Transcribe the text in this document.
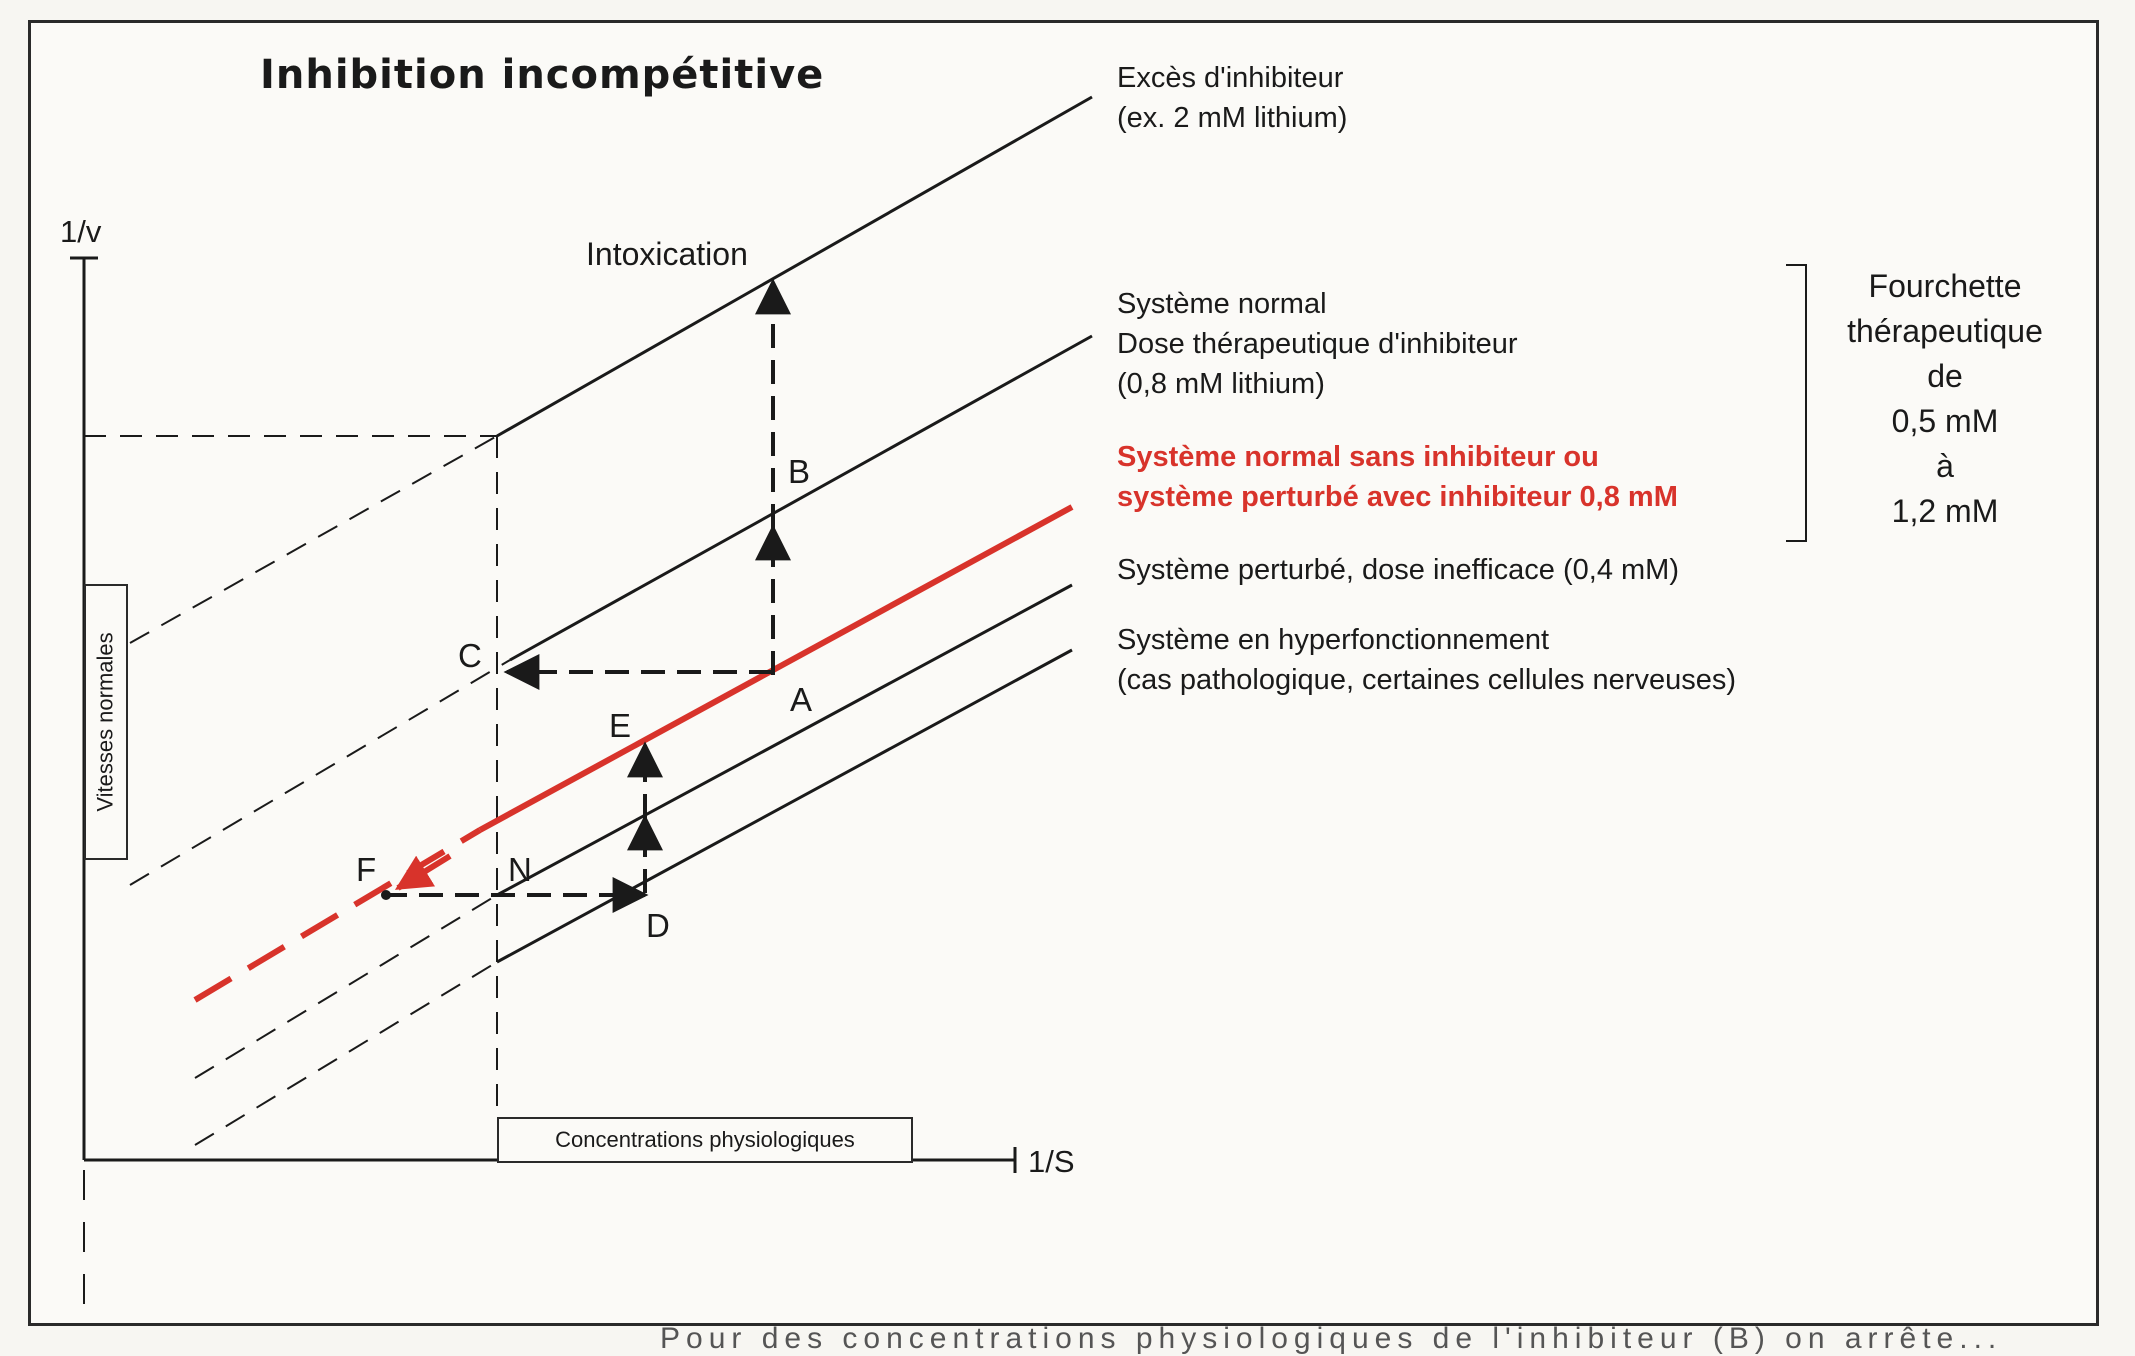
Inhibition incompétitive
1/v
1/S
Vitesses normales
Concentrations physiologiques
Excès d'inhibiteur
(ex. 2 mM lithium)
Système normal
Dose thérapeutique d'inhibiteur
(0,8 mM lithium)
Système normal sans inhibiteur ou
système perturbé avec inhibiteur 0,8 mM
Système perturbé, dose inefficace (0,4 mM)
Système en hyperfonctionnement
(cas pathologique, certaines cellules nerveuses)
Intoxication
B
C
A
E
F	N
D
Fourchette
thérapeutique
de
0,5 mM
à
1,2 mM
Pour des concentrations physiologiques de l'inhibiteur (B) on arrête...
